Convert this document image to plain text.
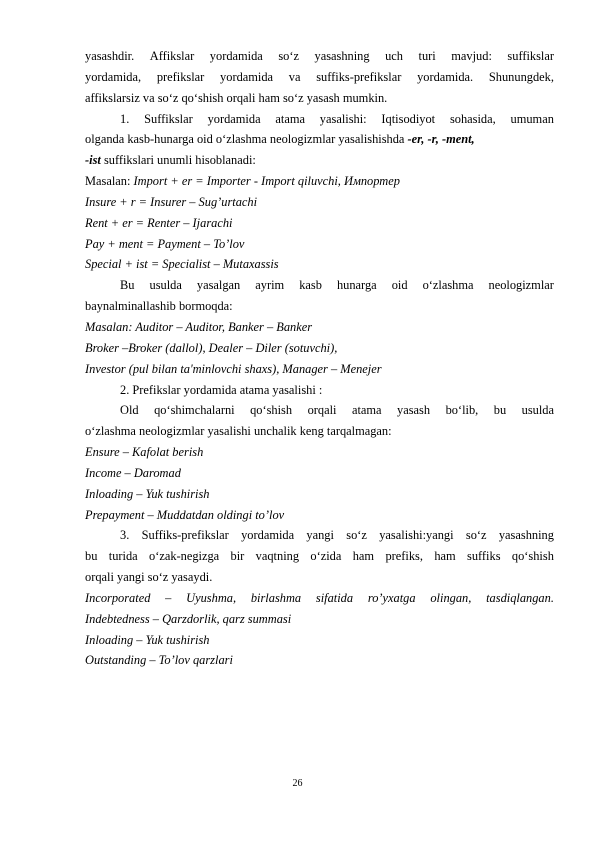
yasashdir. Affikslar yordamida so‘z yasashning uch turi mavjud: suffikslar
yordamida, prefikslar yordamida va suffiks-prefikslar yordamida. Shunungdek,
affikslarsiz va so‘z qo‘shish orqali ham so‘z yasash mumkin.
1. Suffikslar yordamida atama yasalishi: Iqtisodiyot sohasida, umuman
olganda kasb-hunarga oid o‘zlashma neologizmlar yasalishishda -er, -r, -ment,
-ist suffikslari unumli hisoblanadi:
Masalan: Import + er = Importer - Import qiluvchi, Импортер
Insure + r = Insurer – Sug’urtachi
Rent + er = Renter – Ijarachi
Pay + ment = Payment – To’lov
Special + ist = Specialist – Mutaxassis
Bu usulda yasalgan ayrim kasb hunarga oid o‘zlashma neologizmlar
baynalminallashib bormoqda:
Masalan: Auditor – Auditor, Banker – Banker
Broker –Broker (dallol), Dealer – Diler (sotuvchi),
Investor (pul bilan ta'minlovchi shaxs), Manager – Menejer
2. Prefikslar yordamida atama yasalishi :
Old qo‘shimchalarni qo‘shish orqali atama yasash bo‘lib, bu usulda
o‘zlashma neologizmlar yasalishi unchalik keng tarqalmagan:
Ensure – Kafolat berish
Income – Daromad
Inloading – Yuk tushirish
Prepayment – Muddatdan oldingi to’lov
3. Suffiks-prefikslar yordamida yangi so‘z yasalishi:yangi so‘z yasashning
bu turida o‘zak-negizga bir vaqtning o‘zida ham prefiks, ham suffiks qo‘shish
orqali yangi so‘z yasaydi.
Incorporated – Uyushma, birlashma sifatida ro’yxatga olingan, tasdiqlangan.
Indebtedness – Qarzdorlik, qarz summasi
Inloading – Yuk tushirish
Outstanding – To’lov qarzlari
26
